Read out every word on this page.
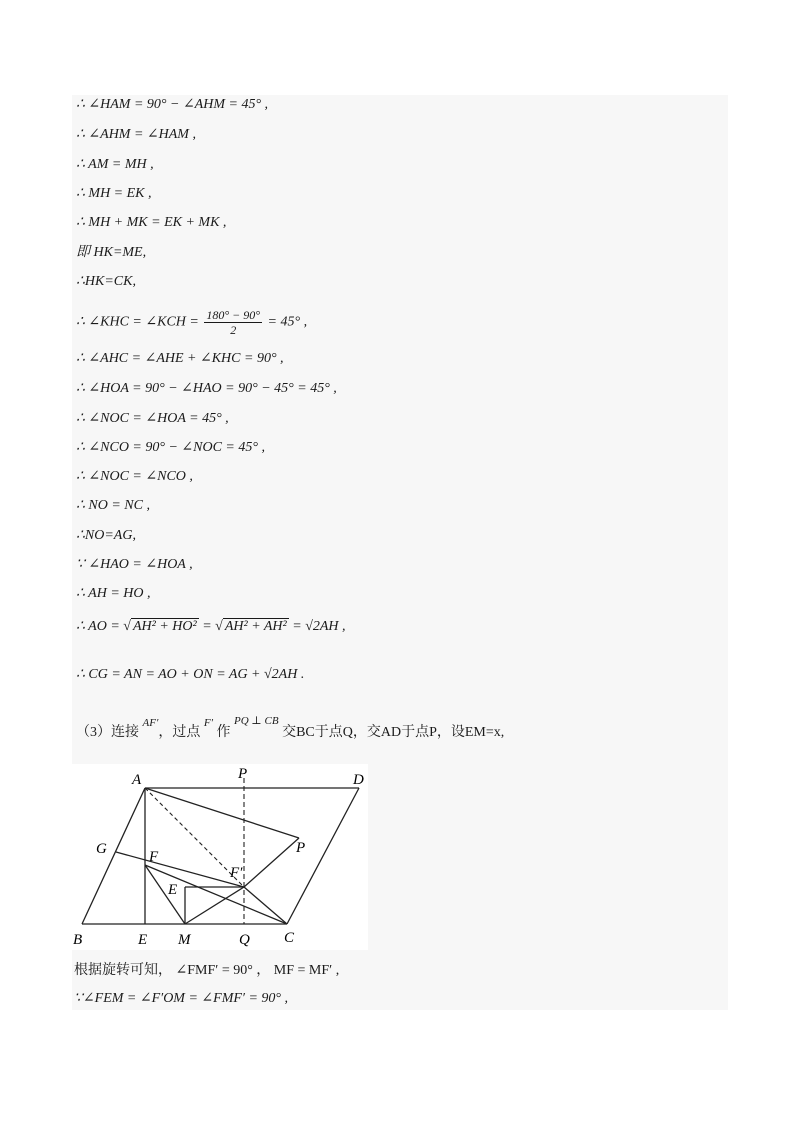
∴ ∠HAM = 90° − ∠AHM = 45° ,
∴ ∠AHM = ∠HAM ,
∴ AM = MH ,
∴ MH = EK ,
∴ MH + MK = EK + MK ,
即 HK=ME,
∴HK=CK,
∴ ∠KHC = ∠KCH = $\frac{180^\circ - 90^\circ}{2} = 45^\circ$ ,
∴ ∠AHC = ∠AHE + ∠KHC = 90° ,
∴ ∠HOA = 90° − ∠HAO = 90° − 45° = 45° ,
∴ ∠NOC = ∠HOA = 45° ,
∴ ∠NCO = 90° − ∠NOC = 45° ,
∴ ∠NOC = ∠NCO ,
∴ NO = NC ,
∴NO=AG,
∵ ∠HAO = ∠HOA ,
∴ AH = HO ,
∴ AO = √ AH² + HO² = √ AH² + AH² = √2AH ,
∴ CG = AN = AO + ON = AG + √2AH .
（3）连接 $^{AF'}$，过点 $^{F'}$ 作 $^{PQ \perp CB}$ 交BC于点Q，交AD于点P，设EM=x,
A	P	D
G	F
P
F′
E
B	E M	Q C
根据旋转可知， ∠FMF′ = 90° ， MF = MF′ ,
∵∠FEM = ∠F′OM = ∠FMF′ = 90° ,
